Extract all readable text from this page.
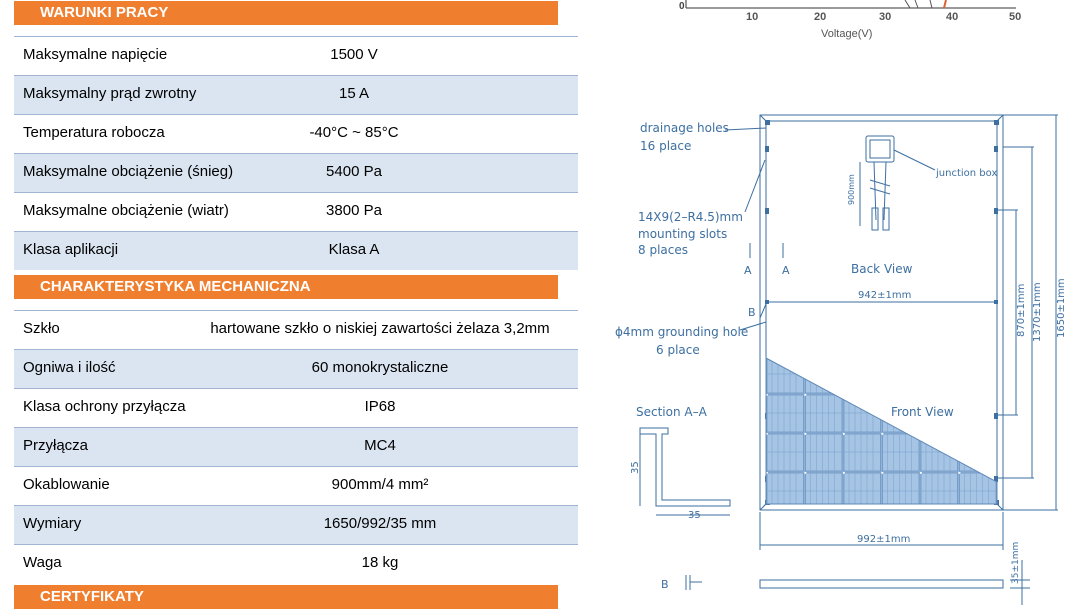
WARUNKI PRACY
Maksymalne napięcie	1500 V
Maksymalny prąd zwrotny	15 A
Temperatura robocza	-40°C ~ 85°C
Maksymalne obciążenie (śnieg)	5400 Pa
Maksymalne obciążenie (wiatr)	3800 Pa
Klasa aplikacji	Klasa A
CHARAKTERYSTYKA MECHANICZNA
Szkło	hartowane szkło o niskiej zawartości żelaza 3,2mm
Ogniwa i ilość	60 monokrystaliczne
Klasa ochrony przyłącza	IP68
Przyłącza	MC4
Okablowanie	900mm/4 mm²
Wymiary	1650/992/35 mm
Waga	18 kg
CERTYFIKATY
0
10	20	30	40	50
Voltage(V)
drainage holes
16 place
junction box
900mm
14X9(2–R4.5)mm
mounting slots
8 places
A	A	Back View
B
942±1mm
ϕ4mm grounding hole
6 place
870±1mm 1370±1mm 1650±1mm
Section A–A	Front View
35
35
992±1mm
B
35±1mm
